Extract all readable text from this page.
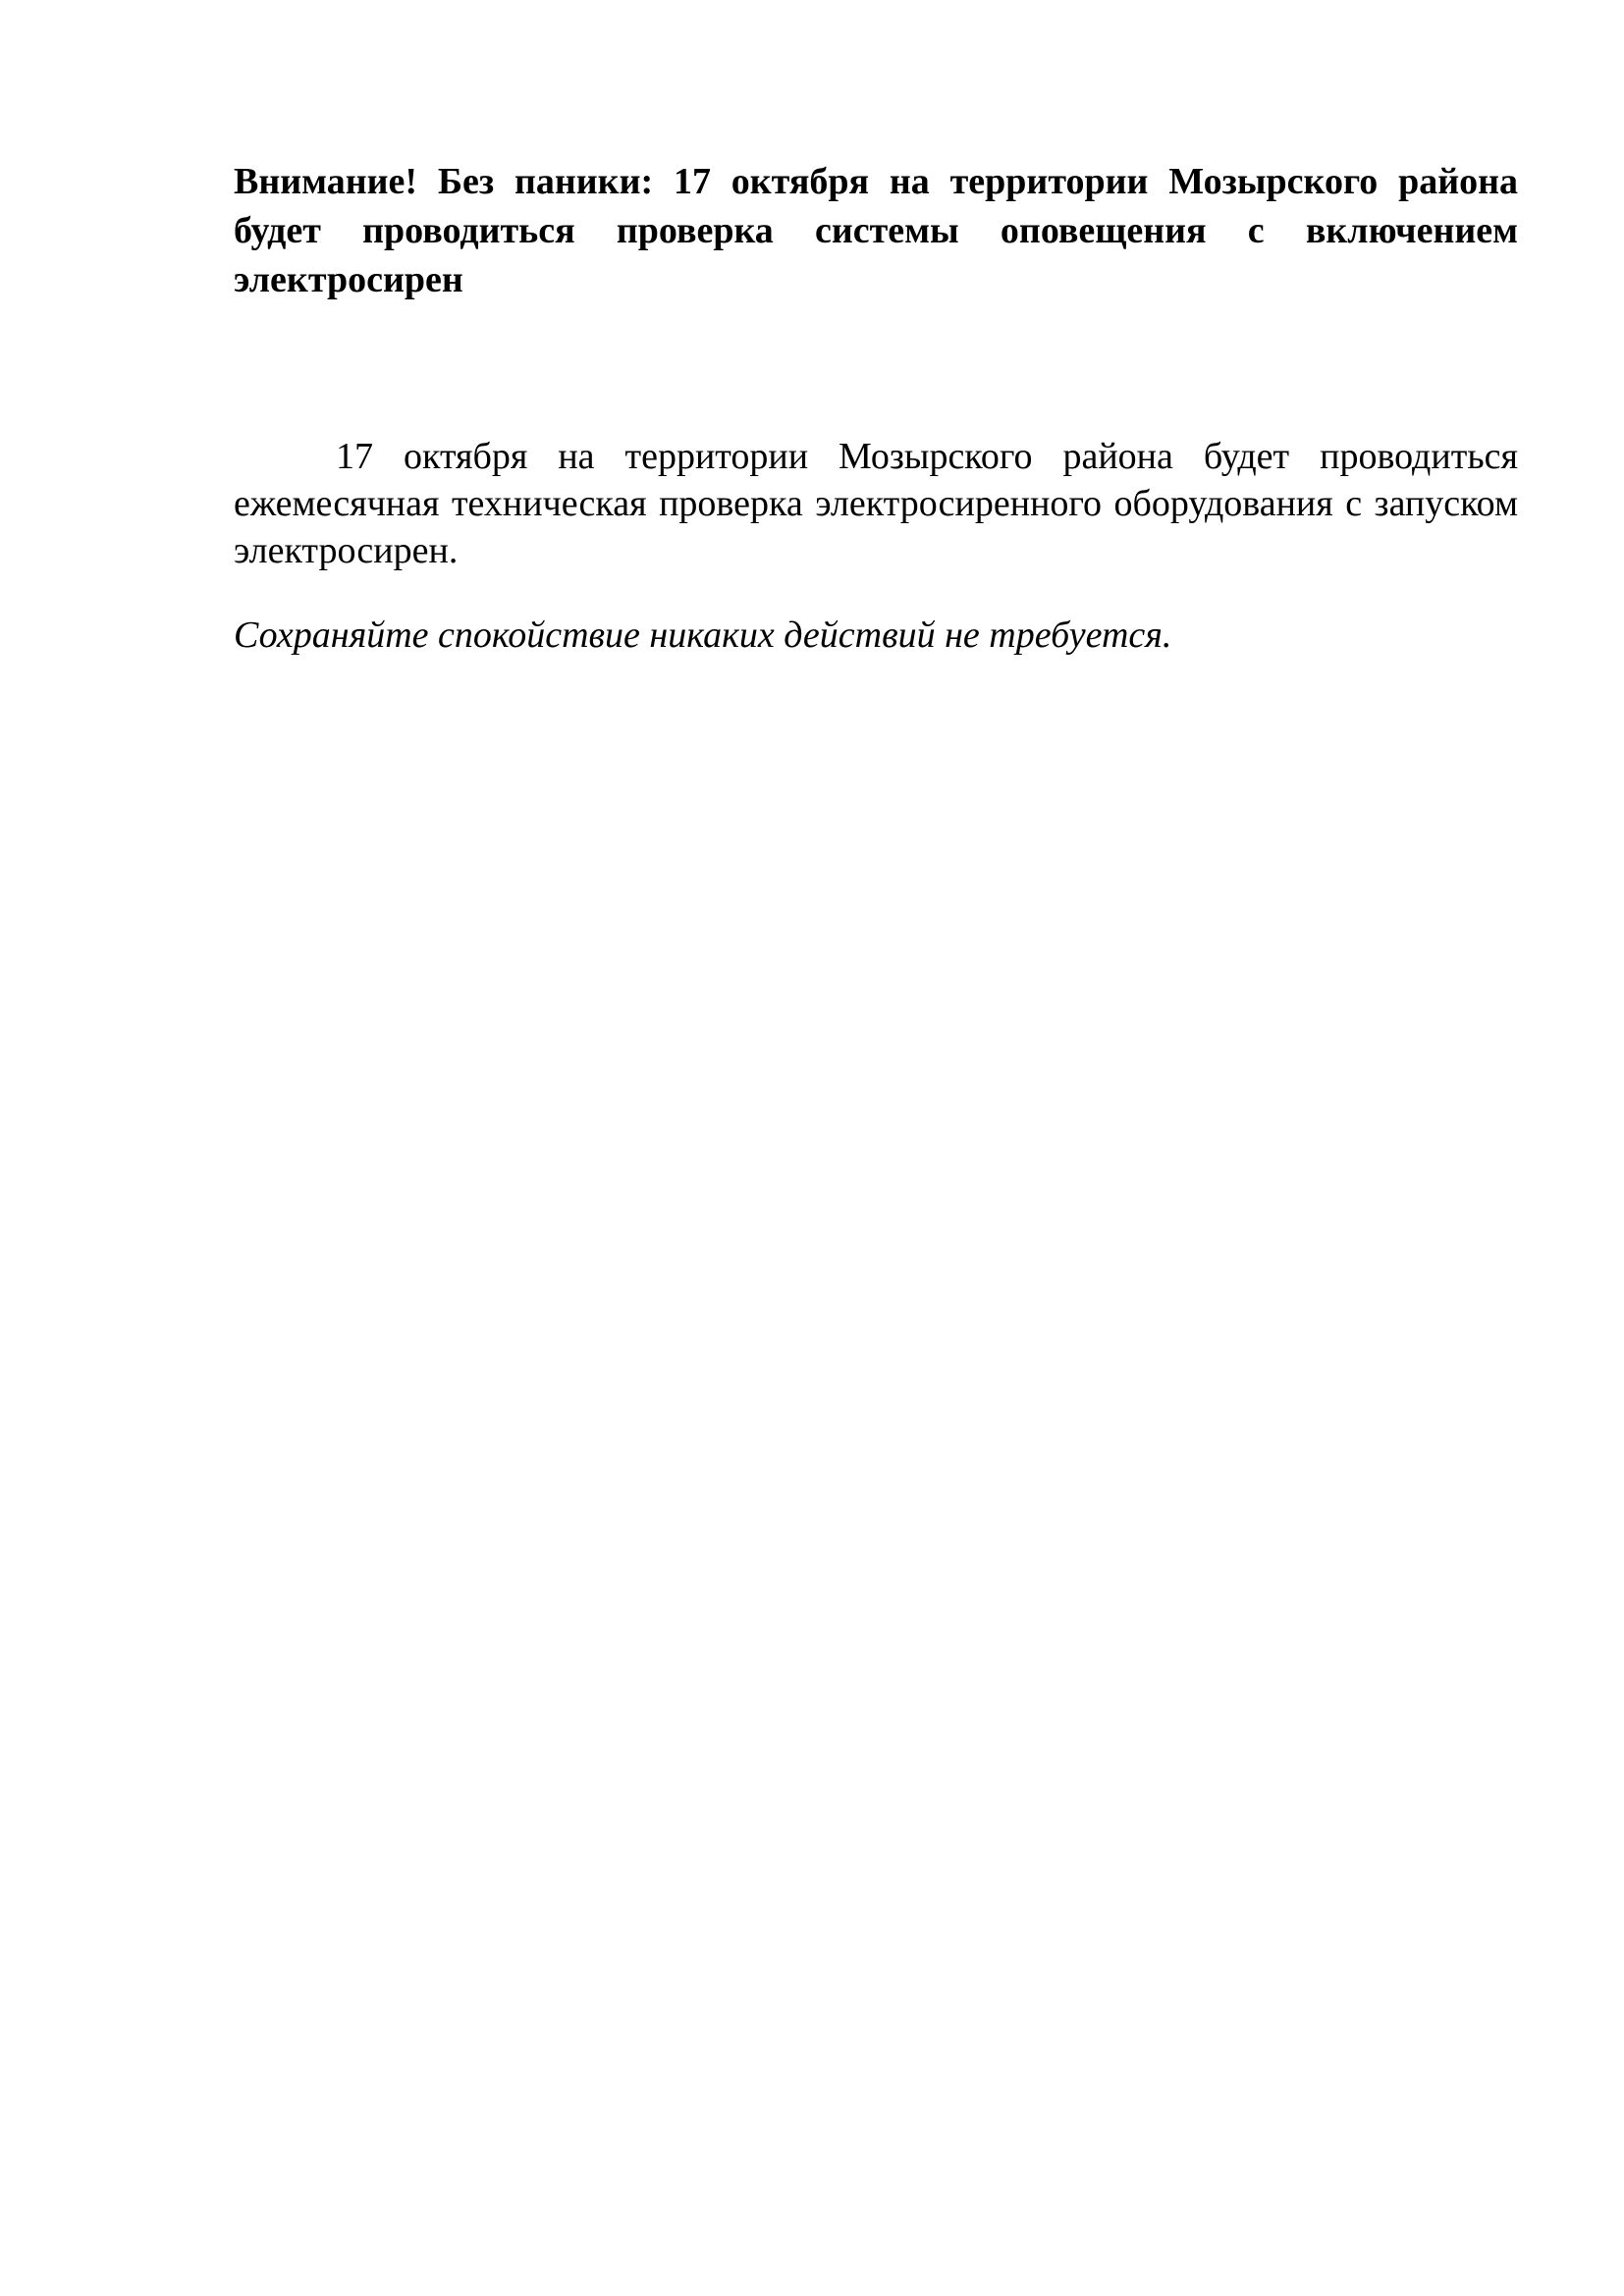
Внимание! Без паники: 17 октября на территории Мозырского района будет проводиться проверка системы оповещения с включением электросирен

17 октября на территории Мозырского района будет проводиться ежемесячная техническая проверка электросиренного оборудования с запуском электросирен.

Сохраняйте спокойствие никаких действий не требуется.
